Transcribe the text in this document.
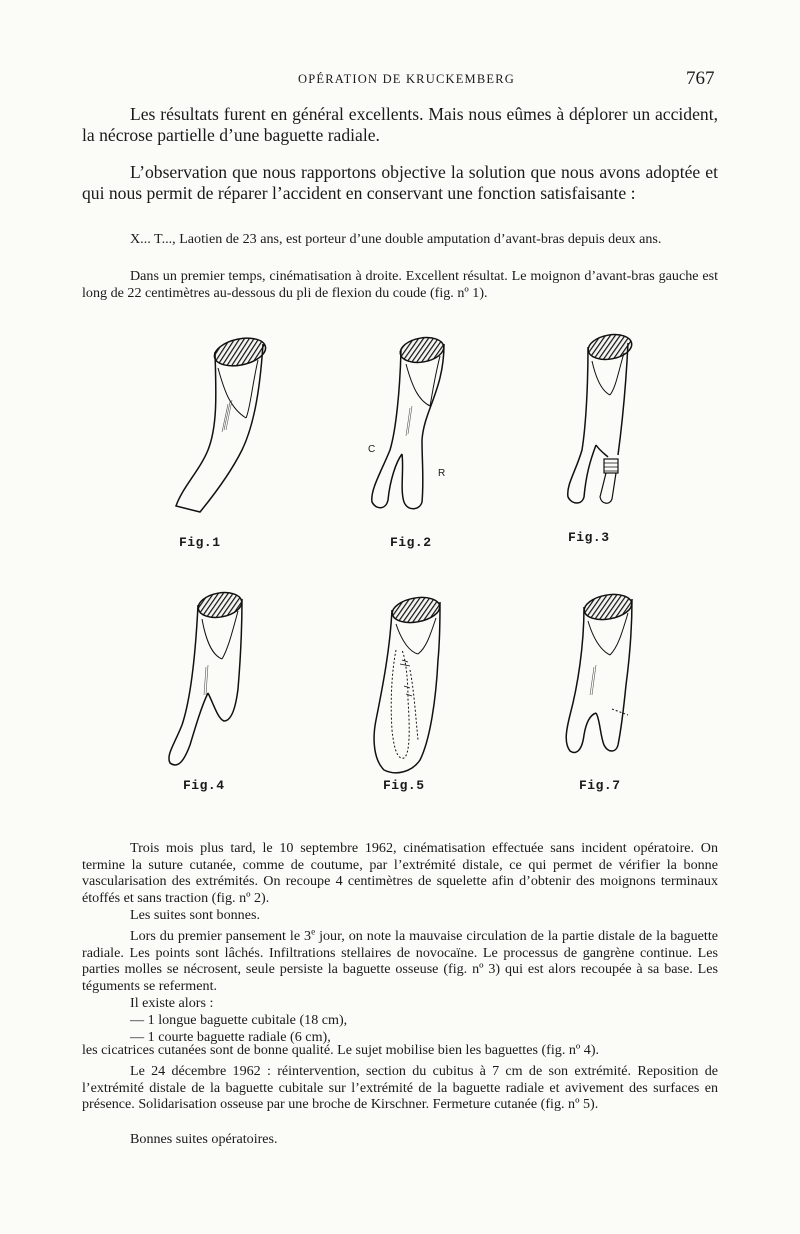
OPÉRATION DE KRUCKEMBERG	767

Les résultats furent en général excellents. Mais nous eûmes à déplorer un accident, la nécrose partielle d’une baguette radiale.

L’observation que nous rapportons objective la solution que nous avons adoptée et qui nous permit de réparer l’accident en conservant une fonction satisfaisante :

X... T..., Laotien de 23 ans, est porteur d’une double amputation d’avant-bras depuis deux ans.

Dans un premier temps, cinématisation à droite. Excellent résultat. Le moignon d’avant-bras gauche est long de 22 centimètres au-dessous du pli de flexion du coude (fig. nº 1).

Fig.1
C
R
Fig.2	Fig.3
Fig.4	Fig.5	Fig.7

Trois mois plus tard, le 10 septembre 1962, cinématisation effectuée sans incident opératoire. On termine la suture cutanée, comme de coutume, par l’extrémité distale, ce qui permet de vérifier la bonne vascularisation des extrémités. On recoupe 4 centimètres de squelette afin d’obtenir des moignons terminaux étoffés et sans traction (fig. nº 2).

Les suites sont bonnes.

Lors du premier pansement le 3e jour, on note la mauvaise circulation de la partie distale de la baguette radiale. Les points sont lâchés. Infiltrations stellaires de novocaïne. Le processus de gangrène continue. Les parties molles se nécrosent, seule persiste la baguette osseuse (fig. nº 3) qui est alors recoupée à sa base. Les téguments se referment.

Il existe alors :

— 1 longue baguette cubitale (18 cm),

— 1 courte baguette radiale (6 cm),

les cicatrices cutanées sont de bonne qualité. Le sujet mobilise bien les baguettes (fig. nº 4).

Le 24 décembre 1962 : réintervention, section du cubitus à 7 cm de son extrémité. Reposition de l’extrémité distale de la baguette cubitale sur l’extrémité de la baguette radiale et avivement des surfaces en présence. Solidarisation osseuse par une broche de Kirschner. Fermeture cutanée (fig. nº 5).

Bonnes suites opératoires.
